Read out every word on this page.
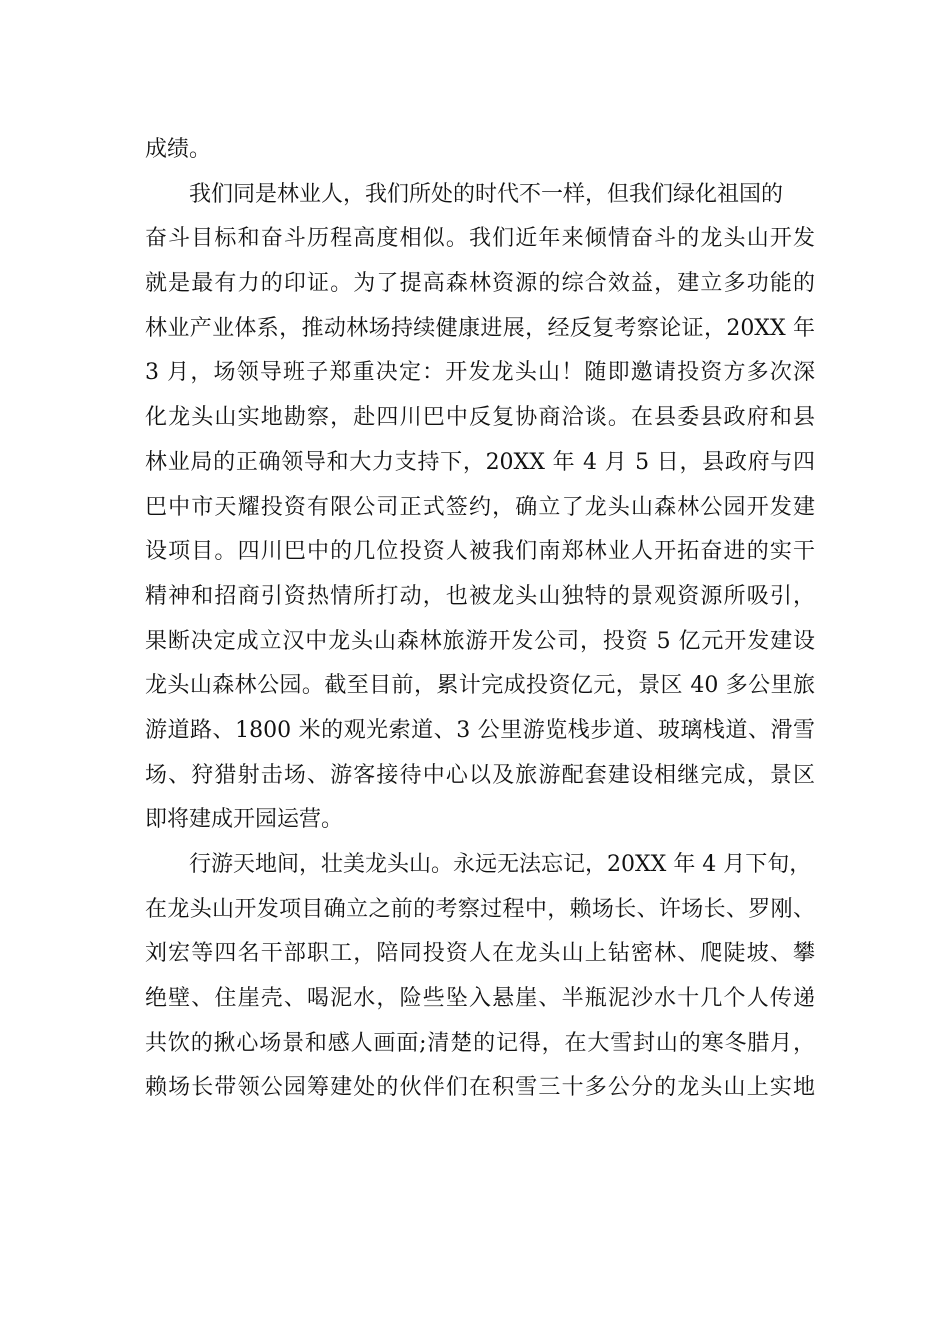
成绩。
我们同是林业人，我们所处的时代不一样，但我们绿化祖国的
奋斗目标和奋斗历程高度相似。我们近年来倾情奋斗的龙头山开发
就是最有力的印证。为了提高森林资源的综合效益，建立多功能的
林业产业体系，推动林场持续健康进展，经反复考察论证，20XX 年
3 月，场领导班子郑重决定：开发龙头山！随即邀请投资方多次深
化龙头山实地勘察，赴四川巴中反复协商洽谈。在县委县政府和县
林业局的正确领导和大力支持下，20XX 年 4 月 5 日，县政府与四
巴中市天耀投资有限公司正式签约，确立了龙头山森林公园开发建
设项目。四川巴中的几位投资人被我们南郑林业人开拓奋进的实干
精神和招商引资热情所打动，也被龙头山独特的景观资源所吸引，
果断决定成立汉中龙头山森林旅游开发公司，投资 5 亿元开发建设
龙头山森林公园。截至目前，累计完成投资亿元，景区 40 多公里旅
游道路、1800 米的观光索道、3 公里游览栈步道、玻璃栈道、滑雪
场、狩猎射击场、游客接待中心以及旅游配套建设相继完成，景区
即将建成开园运营。
行游天地间，壮美龙头山。永远无法忘记，20XX 年 4 月下旬，
在龙头山开发项目确立之前的考察过程中，赖场长、许场长、罗刚、
刘宏等四名干部职工，陪同投资人在龙头山上钻密林、爬陡坡、攀
绝壁、住崖壳、喝泥水，险些坠入悬崖、半瓶泥沙水十几个人传递
共饮的揪心场景和感人画面;清楚的记得，在大雪封山的寒冬腊月，
赖场长带领公园筹建处的伙伴们在积雪三十多公分的龙头山上实地
